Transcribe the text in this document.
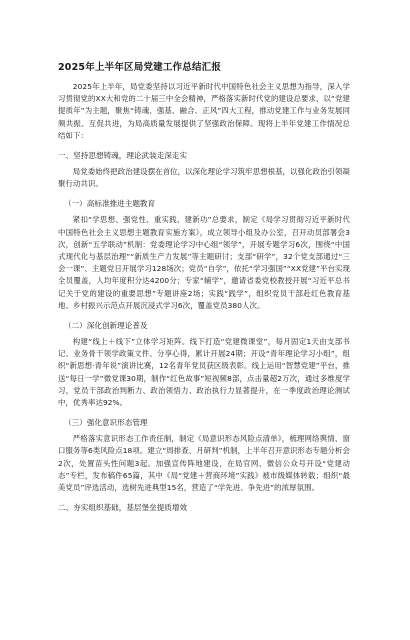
2025年上半年区局党建工作总结汇报

2025年上半年，局党委坚持以习近平新时代中国特色社会主义思想为指导，深入学习贯彻党的XX大和党的二十届三中全会精神，严格落实新时代党的建设总要求，以“党建提质年”为主题，聚焦“铸魂、强基、融合、正风”四大工程，推动党建工作与业务发展同频共振、互促共进，为局高质量发展提供了坚强政治保障。现将上半年党建工作情况总结如下：

一、坚持思想铸魂，理论武装走深走实

局党委始终把政治建设摆在首位，以深化理论学习筑牢思想根基，以强化政治引领凝聚行动共识。

（一）高标准推进主题教育

紧扣“学思想、强党性、重实践、建新功”总要求，制定《局学习贯彻习近平新时代中国特色社会主义思想主题教育实施方案》，成立领导小组及办公室，召开动员部署会3次，创新“五学联动”机制：党委理论学习中心组“领学”，开展专题学习6次，围绕“中国式现代化与基层治理”“新质生产力发展”等主题研讨；支部“研学”，32个党支部通过“三会一课”、主题党日开展学习128场次；党员“自学”，依托“学习强国”“XX党建”平台实现全员覆盖，人均年度积分达4200分；专家“辅学”，邀请省委党校教授开展“习近平总书记关于党的建设的重要思想”专题讲座2场；实践“践学”，组织党员干部赴红色教育基地、乡村振兴示范点开展沉浸式学习6次，覆盖党员380人次。

（二）深化创新理论普及

构建“线上＋线下”立体学习矩阵。线下打造“党建微课堂”，每月固定1天由支部书记、业务骨干领学政策文件、分享心得，累计开展24期；开设“青年理论学习小组”，组织“新思想·青年说”演讲比赛，12名青年党员获区级表彰。线上运用“智慧党建”平台，推送“每日一学”微党课30期，制作“红色故事”短视频8部，点击量超2万次，通过多维度学习，党员干部政治判断力、政治领悟力、政治执行力显著提升，在一季度政治理论测试中，优秀率达92%。

（三）强化意识形态管理

严格落实意识形态工作责任制，制定《局意识形态风险点清单》，梳理网络舆情、窗口服务等6类风险点18项。建立“周排查、月研判”机制，上半年召开意识形态专题分析会2次，处置苗头性问题3起。加强宣传阵地建设，在局官网、微信公众号开设“党建动态”专栏，发布稿件65篇，其中《局“党建＋营商环境”实践》被市级媒体转载；组织“最美党员”评选活动，选树先进典型15名，营造了“学先进、争先进”的浓厚氛围。

二、夯实组织基础，基层堡垒提质增效
